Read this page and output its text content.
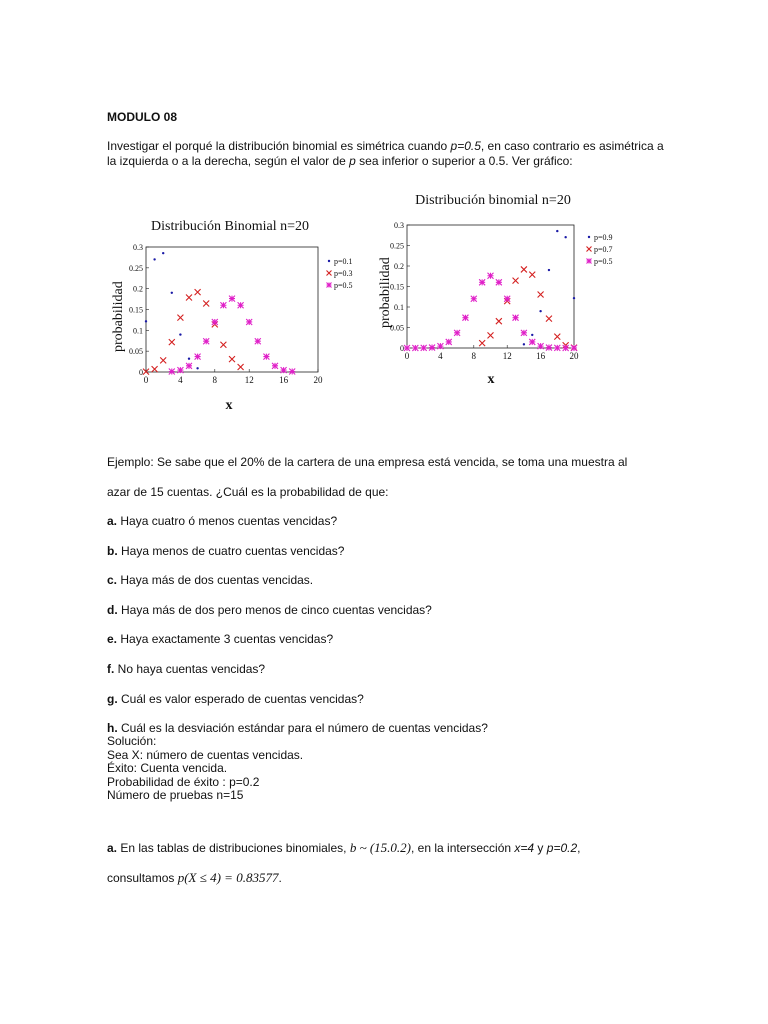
MODULO 08
Investigar el porqué la distribución binomial es simétrica cuando p=0.5, en caso contrario es asimétrica a la izquierda o a la derecha, según el valor de p sea inferior o superior a 0.5. Ver gráfico:
Distribución Binomial n=20
probabilidad
x
0	4	8	12	16	20
0
0.05
0.1
0.15
0.2
0.25
0.3
p=0.1
p=0.3
p=0.5
Distribución binomial n=20
probabilidad
x
0	4	8	12	16	20
0
0.05
0.1
0.15
0.2
0.25
0.3
p=0.9
p=0.7
p=0.5
Ejemplo: Se sabe que el 20% de la cartera de una empresa está vencida, se toma una muestra al
azar de 15 cuentas. ¿Cuál es la probabilidad de que:
a. Haya cuatro ó menos cuentas vencidas?
b. Haya menos de cuatro cuentas vencidas?
c. Haya más de dos cuentas vencidas.
d. Haya más de dos pero menos de cinco cuentas vencidas?
e. Haya exactamente 3 cuentas vencidas?
f. No haya cuentas vencidas?
g. Cuál es valor esperado de cuentas vencidas?
h. Cuál es la desviación estándar para el número de cuentas vencidas?
Solución:
Sea X: número de cuentas vencidas.
Éxito: Cuenta vencida.
Probabilidad de éxito : p=0.2
Número de pruebas n=15
a. En las tablas de distribuciones binomiales, b ~ (15.0.2), en la intersección x=4 y p=0.2,
consultamos p(X ≤ 4) = 0.83577.
